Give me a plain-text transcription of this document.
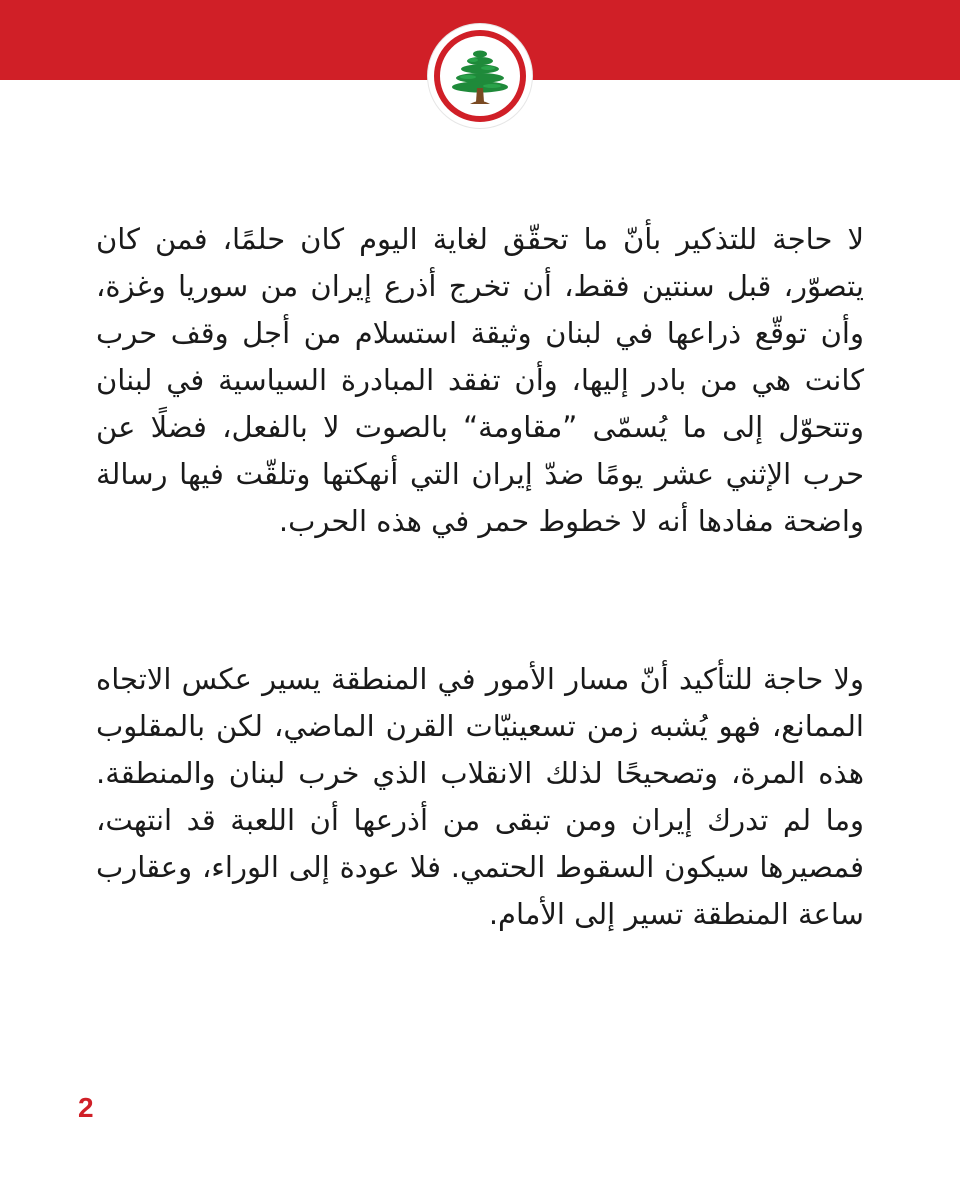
لا حاجة للتذكير بأنّ ما تحقّق لغاية اليوم كان حلمًا، فمن كان يتصوّر، قبل سنتين فقط، أن تخرج أذرع إيران من سوريا وغزة، وأن توقّع ذراعها في لبنان وثيقة استسلام من أجل وقف حرب كانت هي من بادر إليها، وأن تفقد المبادرة السياسية في لبنان وتتحوّل إلى ما يُسمّى ”مقاومة“ بالصوت لا بالفعل، فضلًا عن حرب الإثني عشر يومًا ضدّ إيران التي أنهكتها وتلقّت فيها رسالة واضحة مفادها أنه لا خطوط حمر في هذه الحرب.

ولا حاجة للتأكيد أنّ مسار الأمور في المنطقة يسير عكس الاتجاه الممانع، فهو يُشبه زمن تسعينيّات القرن الماضي، لكن بالمقلوب هذه المرة، وتصحيحًا لذلك الانقلاب الذي خرب لبنان والمنطقة. وما لم تدرك إيران ومن تبقى من أذرعها أن اللعبة قد انتهت، فمصيرها سيكون السقوط الحتمي. فلا عودة إلى الوراء، وعقارب ساعة المنطقة تسير إلى الأمام.

2
